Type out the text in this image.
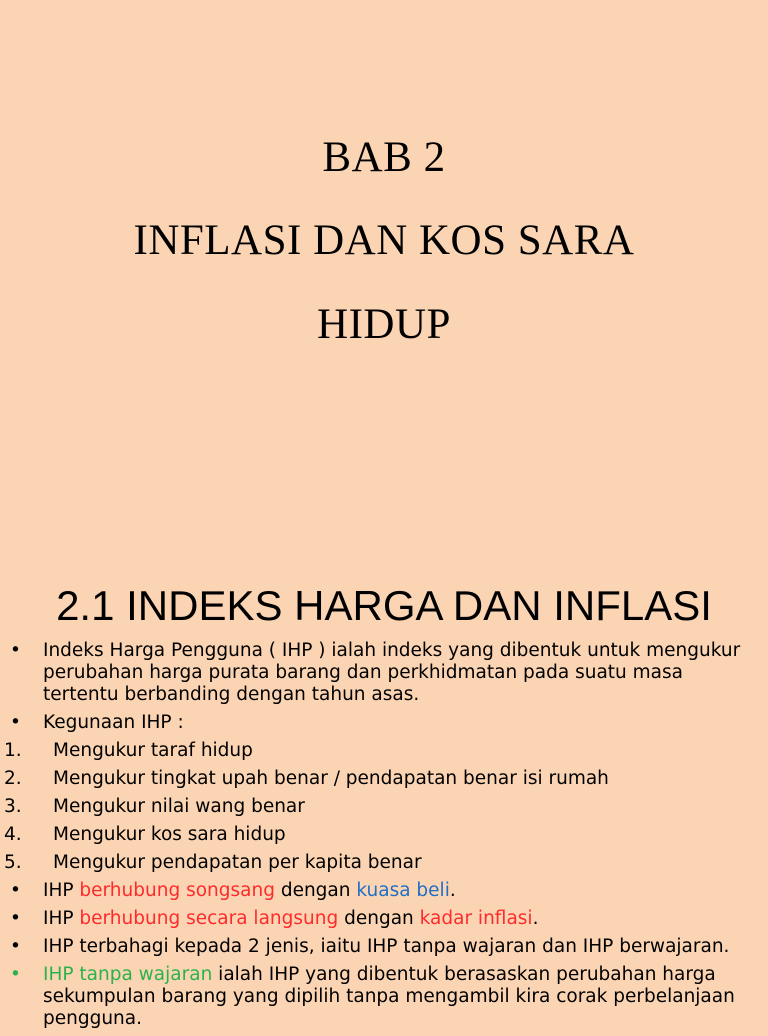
BAB 2
INFLASI DAN KOS SARA
HIDUP
2.1 INDEKS HARGA DAN INFLASI
• Indeks Harga Pengguna ( IHP ) ialah indeks yang dibentuk untuk mengukur perubahan harga purata barang dan perkhidmatan pada suatu masa tertentu berbanding dengan tahun asas.
• Kegunaan IHP :
1. Mengukur taraf hidup
2. Mengukur tingkat upah benar / pendapatan benar isi rumah
3. Mengukur nilai wang benar
4. Mengukur kos sara hidup
5. Mengukur pendapatan per kapita benar
• IHP berhubung songsang dengan kuasa beli.
• IHP berhubung secara langsung dengan kadar inflasi.
• IHP terbahagi kepada 2 jenis, iaitu IHP tanpa wajaran dan IHP berwajaran.
• IHP tanpa wajaran ialah IHP yang dibentuk berasaskan perubahan harga sekumpulan barang yang dipilih tanpa mengambil kira corak perbelanjaan pengguna.
